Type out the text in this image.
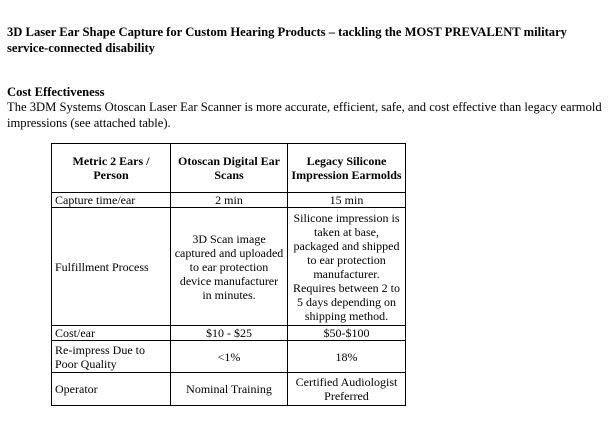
3D Laser Ear Shape Capture for Custom Hearing Products – tackling the MOST PREVALENT military service-connected disability

Cost Effectiveness

The 3DM Systems Otoscan Laser Ear Scanner is more accurate, efficient, safe, and cost effective than legacy earmold impressions (see attached table).

Metric 2 Ears / Person	Otoscan Digital Ear Scans	Legacy Silicone Impression Earmolds
Capture time/ear	2 min	15 min
Fulfillment Process	3D Scan image captured and uploaded to ear protection device manufacturer in minutes.	Silicone impression is taken at base, packaged and shipped to ear protection manufacturer. Requires between 2 to 5 days depending on shipping method.
Cost/ear	$10 - $25	$50-$100
Re-impress Due to Poor Quality	<1%	18%
Operator	Nominal Training	Certified Audiologist Preferred
